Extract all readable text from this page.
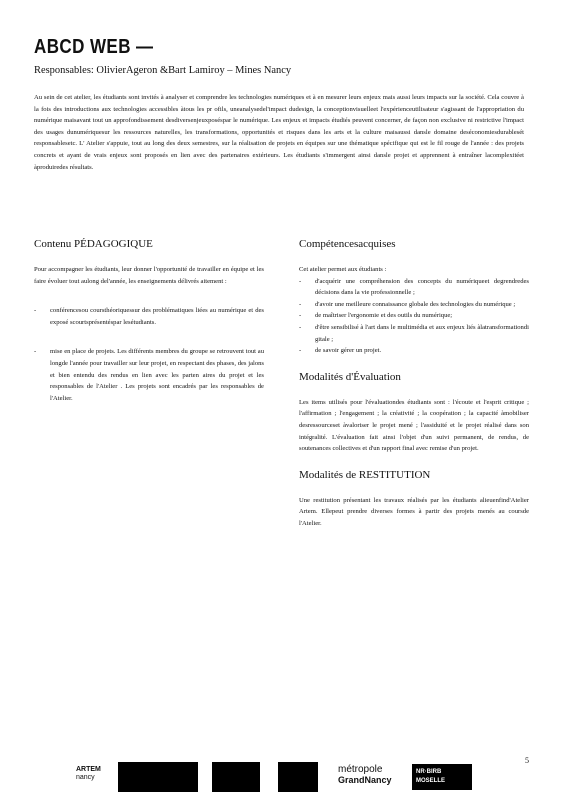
ABCD WEB —
Responsables: OlivierAgeron &Bart Lamiroy – Mines Nancy
Au sein de cet atelier, les étudiants sont invités à analyser et comprendre les technologies numériques et à en mesurer leurs enjeux mais aussi leurs impacts sur la société. Cela couvre à la fois des introductions aux technologies accessibles àtous les pr ofils, uneanalysedel'impact dudesign, la conceptionvisuelleet l'expérienceutilisateur s'agissant de l'appropriation du numérique maisavant tout un approfondissement desdiversenjeuxposéspar le numérique. Les enjeux et impacts étudiés peuvent concerner, de façon non exclusive ni restrictive l'impact des usages dunumériquesur les ressources naturelles, les transformations, opportunités et risques dans les arts et la culture maisaussi dansle domaine deséconomiesdurablesét responsablesetc. L' Atelier s'appuie, tout au long des deux semestres, sur la réalisation de projets en équipes sur une thématique spécifique qui est le fil rouge de l'année : des projets concrets et ayant de vrais enjeux sont proposés en lien avec des partenaires extérieurs. Les étudiants s'immergent ainsi dansle projet et apprennent à entraîner lacomplexitéet àproduiredes résultats.
Contenu PÉDAGOGIQUE

Pour accompagner les étudiants, leur donner l'opportunité de travailler en équipe et les faire évoluer tout aulong del'année, les enseignements délivrés aitement :

- conférencesou coursthéoriquessur des problématiques liées au numérique et des exposé scourtsprésentéspar lesétudiants.
- mise en place de projets. Les différents membres du groupe se retrouvent tout au longde l'année pour travailler sur leur projet, en respectant des phases, des jalons et bien entendu des rendus en lien avec les parten aires du projet et les responsables de l'Atelier . Les projets sont encadrés par les responsables de l'Atelier.
Compétencesacquises

Cet atelier permet aux étudiants :

- d'acquérir une compréhension des concepts du numériqueet degrendredes décisions dans la vie professionnelle ;
- d'avoir une meilleure connaissance globale des technologies du numérique ;
- de maîtriser l'ergonomie et des outils du numérique;
- d'être sensibilisé à l'art dans le multimédia et aux enjeux liés àlatransformationdi gitale ;
- de savoir gérer un projet.
Modalités d'Évaluation

Les items utilisés pour l'évaluationdes étudiants sont : l'écoute et l'esprit critique ; l'affirmation ; l'engagement ; la créativité ; la coopération ; la capacité àmobiliser desressourceset àvaloriser le projet mené ; l'assiduité et le projet réalisé dans son intégralité. L'évaluation fait ainsi l'objet d'un suivi permanent, de rendus, de soutenances collectives et d'un rapport final avec remise d'un projet.

Modalités de RESTITUTION

Une restitution présentant les travaux réalisés par les étudiants alieuenfind'Atelier Artem. Ellepeut prendre diverses formes à partir des projets menés au coursde l'Atelier.

5
ARTEM
nancy
métropole
GrandNancy
NR·BIRB
MOSELLE
